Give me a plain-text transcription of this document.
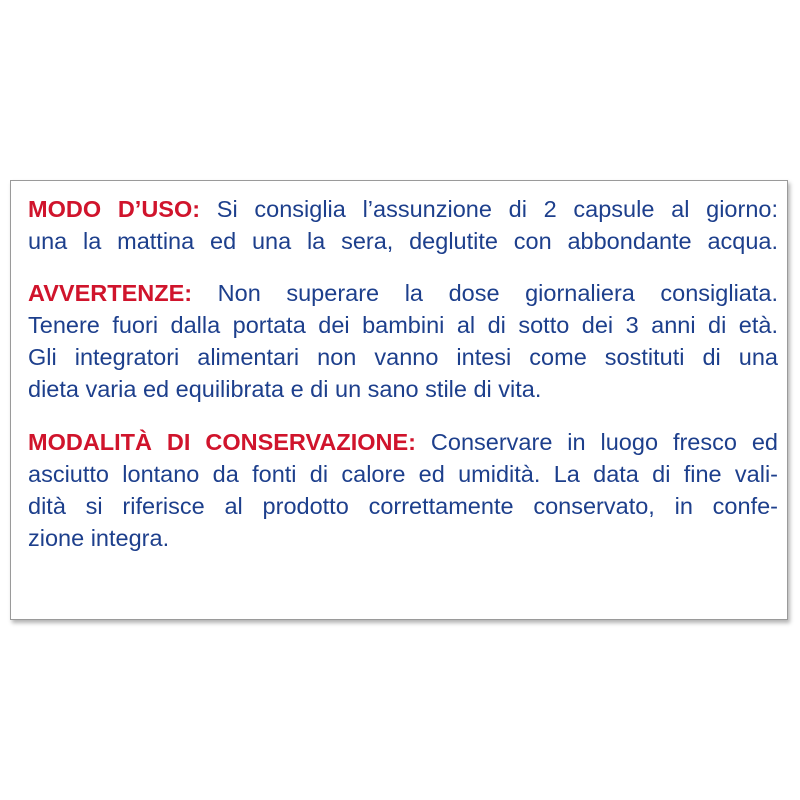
MODO D’USO: Si consiglia l’assunzione di 2 capsule al giorno:
una la mattina ed una la sera, deglutite con abbondante acqua.
AVVERTENZE: Non superare la dose giornaliera consigliata.
Tenere fuori dalla portata dei bambini al di sotto dei 3 anni di età.
Gli integratori alimentari non vanno intesi come sostituti di una
dieta varia ed equilibrata e di un sano stile di vita.
MODALITÀ DI CONSERVAZIONE: Conservare in luogo fresco ed
asciutto lontano da fonti di calore ed umidità. La data di fine vali-
dità si riferisce al prodotto correttamente conservato, in confe-
zione integra.
